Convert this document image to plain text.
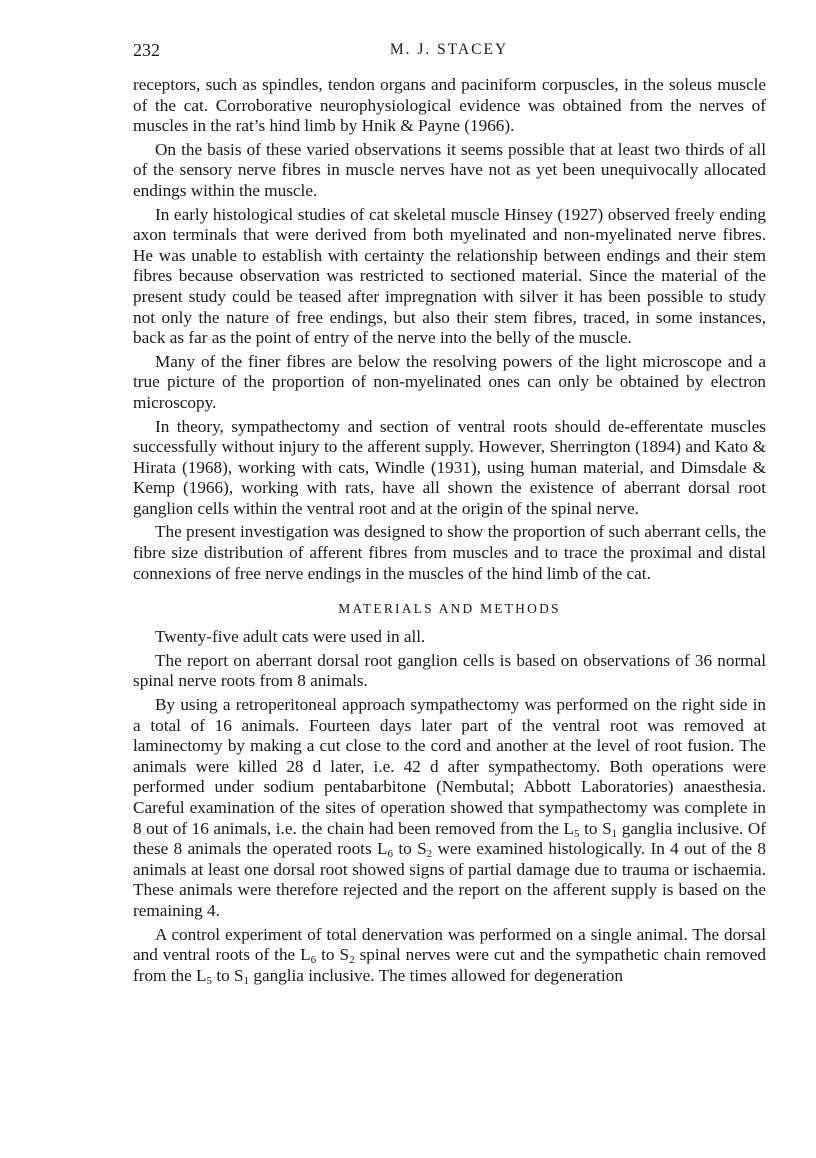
232	M. J. STACEY

receptors, such as spindles, tendon organs and paciniform corpuscles, in the soleus muscle of the cat. Corroborative neurophysiological evidence was obtained from the nerves of muscles in the rat’s hind limb by Hnik & Payne (1966).

On the basis of these varied observations it seems possible that at least two thirds of all of the sensory nerve fibres in muscle nerves have not as yet been unequivocally allocated endings within the muscle.

In early histological studies of cat skeletal muscle Hinsey (1927) observed freely ending axon terminals that were derived from both myelinated and non-myelinated nerve fibres. He was unable to establish with certainty the relationship between endings and their stem fibres because observation was restricted to sectioned material. Since the material of the present study could be teased after impregnation with silver it has been possible to study not only the nature of free endings, but also their stem fibres, traced, in some instances, back as far as the point of entry of the nerve into the belly of the muscle.

Many of the finer fibres are below the resolving powers of the light microscope and a true picture of the proportion of non-myelinated ones can only be obtained by electron microscopy.

In theory, sympathectomy and section of ventral roots should de-efferentate muscles successfully without injury to the afferent supply. However, Sherrington (1894) and Kato & Hirata (1968), working with cats, Windle (1931), using human material, and Dimsdale & Kemp (1966), working with rats, have all shown the existence of aberrant dorsal root ganglion cells within the ventral root and at the origin of the spinal nerve.

The present investigation was designed to show the proportion of such aberrant cells, the fibre size distribution of afferent fibres from muscles and to trace the proximal and distal connexions of free nerve endings in the muscles of the hind limb of the cat.

MATERIALS AND METHODS

Twenty-five adult cats were used in all.

The report on aberrant dorsal root ganglion cells is based on observations of 36 normal spinal nerve roots from 8 animals.

By using a retroperitoneal approach sympathectomy was performed on the right side in a total of 16 animals. Fourteen days later part of the ventral root was removed at laminectomy by making a cut close to the cord and another at the level of root fusion. The animals were killed 28 d later, i.e. 42 d after sympathectomy. Both operations were performed under sodium pentabarbitone (Nembutal; Abbott Laboratories) anaesthesia. Careful examination of the sites of operation showed that sympathectomy was complete in 8 out of 16 animals, i.e. the chain had been removed from the $L_5$ to $S_1$ ganglia inclusive. Of these 8 animals the operated roots $L_6$ to $S_2$ were examined histologically. In 4 out of the 8 animals at least one dorsal root showed signs of partial damage due to trauma or ischaemia. These animals were therefore rejected and the report on the afferent supply is based on the remaining 4.

A control experiment of total denervation was performed on a single animal. The dorsal and ventral roots of the $L_6$ to $S_2$ spinal nerves were cut and the sympathetic chain removed from the $L_5$ to $S_1$ ganglia inclusive. The times allowed for degeneration
